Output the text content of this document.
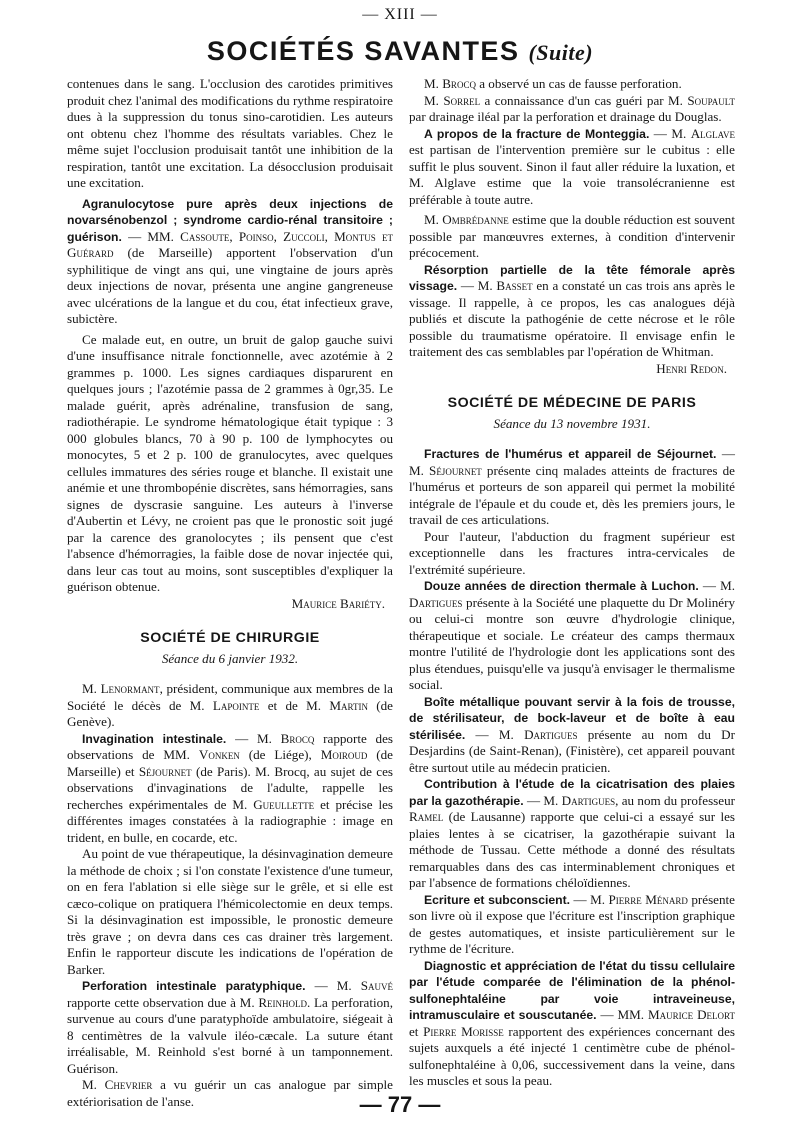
— XIII —
SOCIÉTÉS SAVANTES (Suite)

contenues dans le sang. L'occlusion des carotides primitives produit chez l'animal des modifications du rythme respiratoire dues à la suppression du tonus sino-carotidien. Les auteurs ont obtenu chez l'homme des résultats variables. Chez le même sujet l'occlusion produisait tantôt une inhibition de la respiration, tantôt une excitation. La désocclusion produisait une excitation.

Agranulocytose pure après deux injections de novarsénobenzol ; syndrome cardio-rénal transitoire ; guérison. — MM. Cassoute, Poinso, Zuccoli, Montus et Guérard (de Marseille) apportent l'observation d'un syphilitique de vingt ans qui, une vingtaine de jours après deux injections de novar, présenta une angine gangreneuse avec ulcérations de la langue et du cou, état infectieux grave, subictère.

Ce malade eut, en outre, un bruit de galop gauche suivi d'une insuffisance nitrale fonctionnelle, avec azotémie à 2 grammes p. 1000. Les signes cardiaques disparurent en quelques jours ; l'azotémie passa de 2 grammes à 0gr,35. Le malade guérit, après adrénaline, transfusion de sang, radiothérapie. Le syndrome hématologique était typique : 3 000 globules blancs, 70 à 90 p. 100 de lymphocytes ou monocytes, 5 et 2 p. 100 de granulocytes, avec quelques cellules immatures des séries rouge et blanche. Il existait une anémie et une thrombopénie discrètes, sans hémorragies, sans signes de dyscrasie sanguine. Les auteurs à l'inverse d'Aubertin et Lévy, ne croient pas que le pronostic soit jugé par la carence des granolocytes ; ils pensent que c'est l'absence d'hémorragies, la faible dose de novar injectée qui, dans leur cas tout au moins, sont susceptibles d'expliquer la guérison obtenue.
Maurice Bariéty.

SOCIÉTÉ DE CHIRURGIE
Séance du 6 janvier 1932.

M. Lenormant, président, communique aux membres de la Société le décès de M. Lapointe et de M. Martin (de Genève).

Invagination intestinale. — M. Brocq rapporte des observations de MM. Vonken (de Liége), Moiroud (de Marseille) et Séjournet (de Paris). M. Brocq, au sujet de ces observations d'invaginations de l'adulte, rappelle les recherches expérimentales de M. Gueullette et précise les différentes images constatées à la radiographie : image en trident, en bulle, en cocarde, etc.

Au point de vue thérapeutique, la désinvagination demeure la méthode de choix ; si l'on constate l'existence d'une tumeur, on en fera l'ablation si elle siège sur le grêle, et si elle est cæco-colique on pratiquera l'hémicolectomie en deux temps. Si la désinvagination est impossible, le pronostic demeure très grave ; on devra dans ces cas drainer très largement. Enfin le rapporteur discute les indications de l'opération de Barker.

Perforation intestinale paratyphique. — M. Sauvé rapporte cette observation due à M. Reinhold. La perforation, survenue au cours d'une paratyphoïde ambulatoire, siégeait à 8 centimètres de la valvule iléo-cæcale. La suture étant irréalisable, M. Reinhold s'est borné à un tamponnement. Guérison.

M. Chevrier a vu guérir un cas analogue par simple extériorisation de l'anse.

M. Brocq a observé un cas de fausse perforation.

M. Sorrel a connaissance d'un cas guéri par M. Soupault par drainage iléal par la perforation et drainage du Douglas.

A propos de la fracture de Monteggia. — M. Alglave est partisan de l'intervention première sur le cubitus : elle suffit le plus souvent. Sinon il faut aller réduire la luxation, et M. Alglave estime que la voie transolécranienne est préférable à toute autre.

M. Ombrédanne estime que la double réduction est souvent possible par manœuvres externes, à condition d'intervenir précocement.

Résorption partielle de la tête fémorale après vissage. — M. Basset en a constaté un cas trois ans après le vissage. Il rappelle, à ce propos, les cas analogues déjà publiés et discute la pathogénie de cette nécrose et le rôle possible du traumatisme opératoire. Il envisage enfin le traitement des cas semblables par l'opération de Whitman.
Henri Redon.

SOCIÉTÉ DE MÉDECINE DE PARIS
Séance du 13 novembre 1931.

Fractures de l'humérus et appareil de Séjournet. — M. Séjournet présente cinq malades atteints de fractures de l'humérus et porteurs de son appareil qui permet la mobilité intégrale de l'épaule et du coude et, dès les premiers jours, le travail de ces articulations.

Pour l'auteur, l'abduction du fragment supérieur est exceptionnelle dans les fractures intra-cervicales de l'extrémité supérieure.

Douze années de direction thermale à Luchon. — M. Dartigues présente à la Société une plaquette du Dr Molinéry ou celui-ci montre son œuvre d'hydrologie clinique, thérapeutique et sociale. Le créateur des camps thermaux montre l'utilité de l'hydrologie dont les applications sont des plus étendues, puisqu'elle va jusqu'à envisager le thermalisme social.

Boîte métallique pouvant servir à la fois de trousse, de stérilisateur, de bock-laveur et de boîte à eau stérilisée. — M. Dartigues présente au nom du Dr Desjardins (de Saint-Renan), (Finistère), cet appareil pouvant être surtout utile au médecin praticien.

Contribution à l'étude de la cicatrisation des plaies par la gazothérapie. — M. Dartigues, au nom du professeur Ramel (de Lausanne) rapporte que celui-ci a essayé sur les plaies lentes à se cicatriser, la gazothérapie suivant la méthode de Tussau. Cette méthode a donné des résultats remarquables dans des cas interminablement chroniques et par l'absence de formations chéloïdiennes.

Ecriture et subconscient. — M. Pierre Ménard présente son livre où il expose que l'écriture est l'inscription graphique de gestes automatiques, et insiste particulièrement sur le rythme de l'écriture.

Diagnostic et appréciation de l'état du tissu cellulaire par l'étude comparée de l'élimination de la phénol-sulfonephtaléine par voie intraveineuse, intramusculaire et souscutanée. — MM. Maurice Delort et Pierre Morisse rapportent des expériences concernant des sujets auxquels a été injecté 1 centimètre cube de phénol-sulfonephtaléine à 0,06, successivement dans la veine, dans les muscles et sous la peau.

— 77 —
